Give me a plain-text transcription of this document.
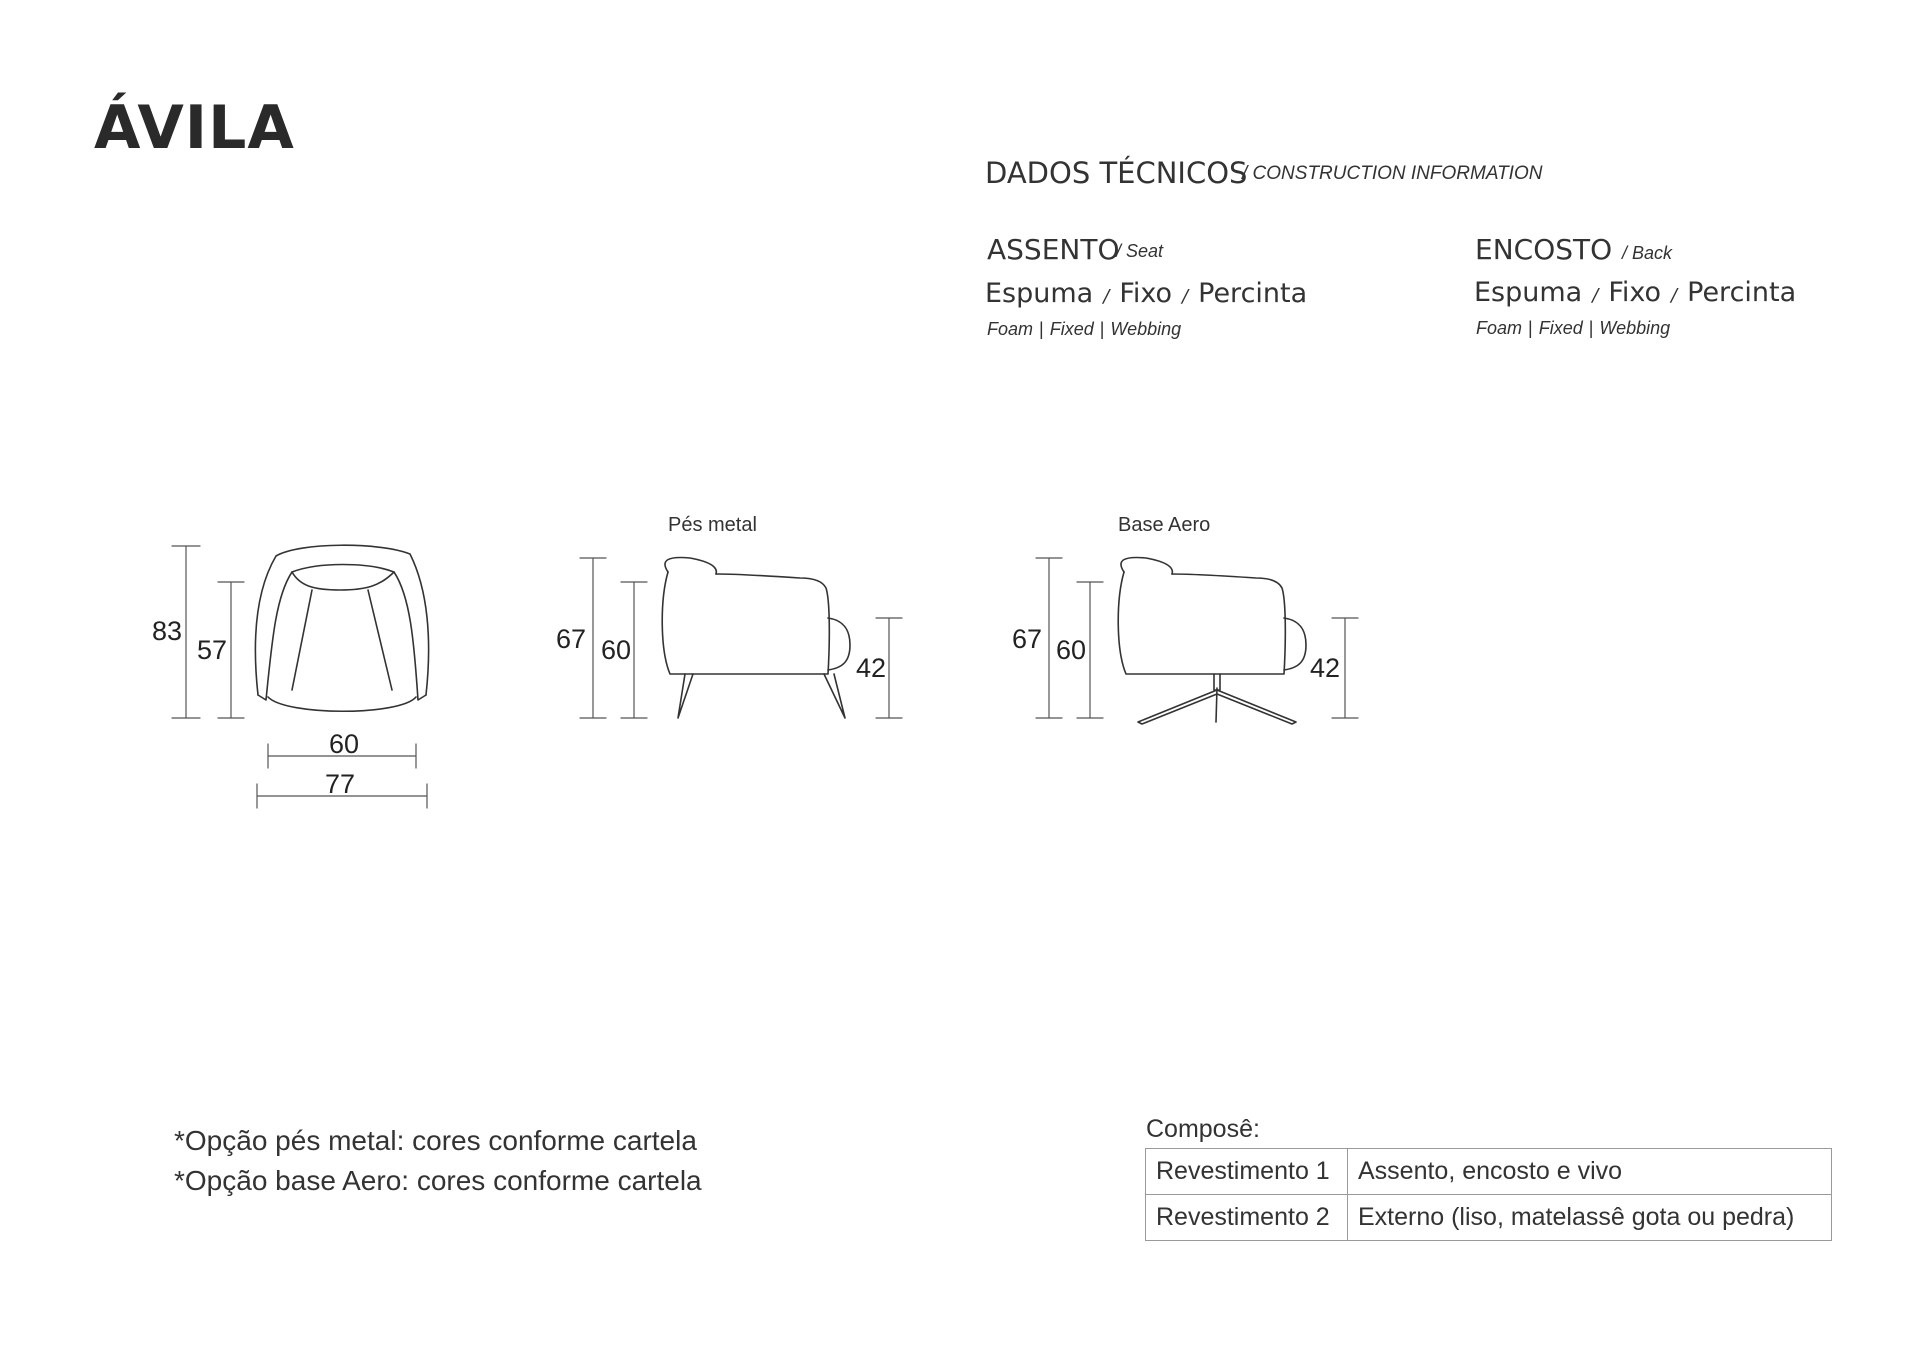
ÁVILA
DADOS TÉCNICOS
/ CONSTRUCTION INFORMATION
ASSENTO
/ Seat
Espuma / Fixo / Percinta
Foam | Fixed | Webbing
ENCOSTO / Back
Espuma / Fixo / Percinta
Foam | Fixed | Webbing
Pés metal	Base Aero
83
57
60
77
67 60
42
67 60
42
*Opção pés metal: cores conforme cartela
*Opção base Aero: cores conforme cartela
Composê:
Revestimento 1	Assento, encosto e vivo
Revestimento 2	Externo (liso, matelassê gota ou pedra)
